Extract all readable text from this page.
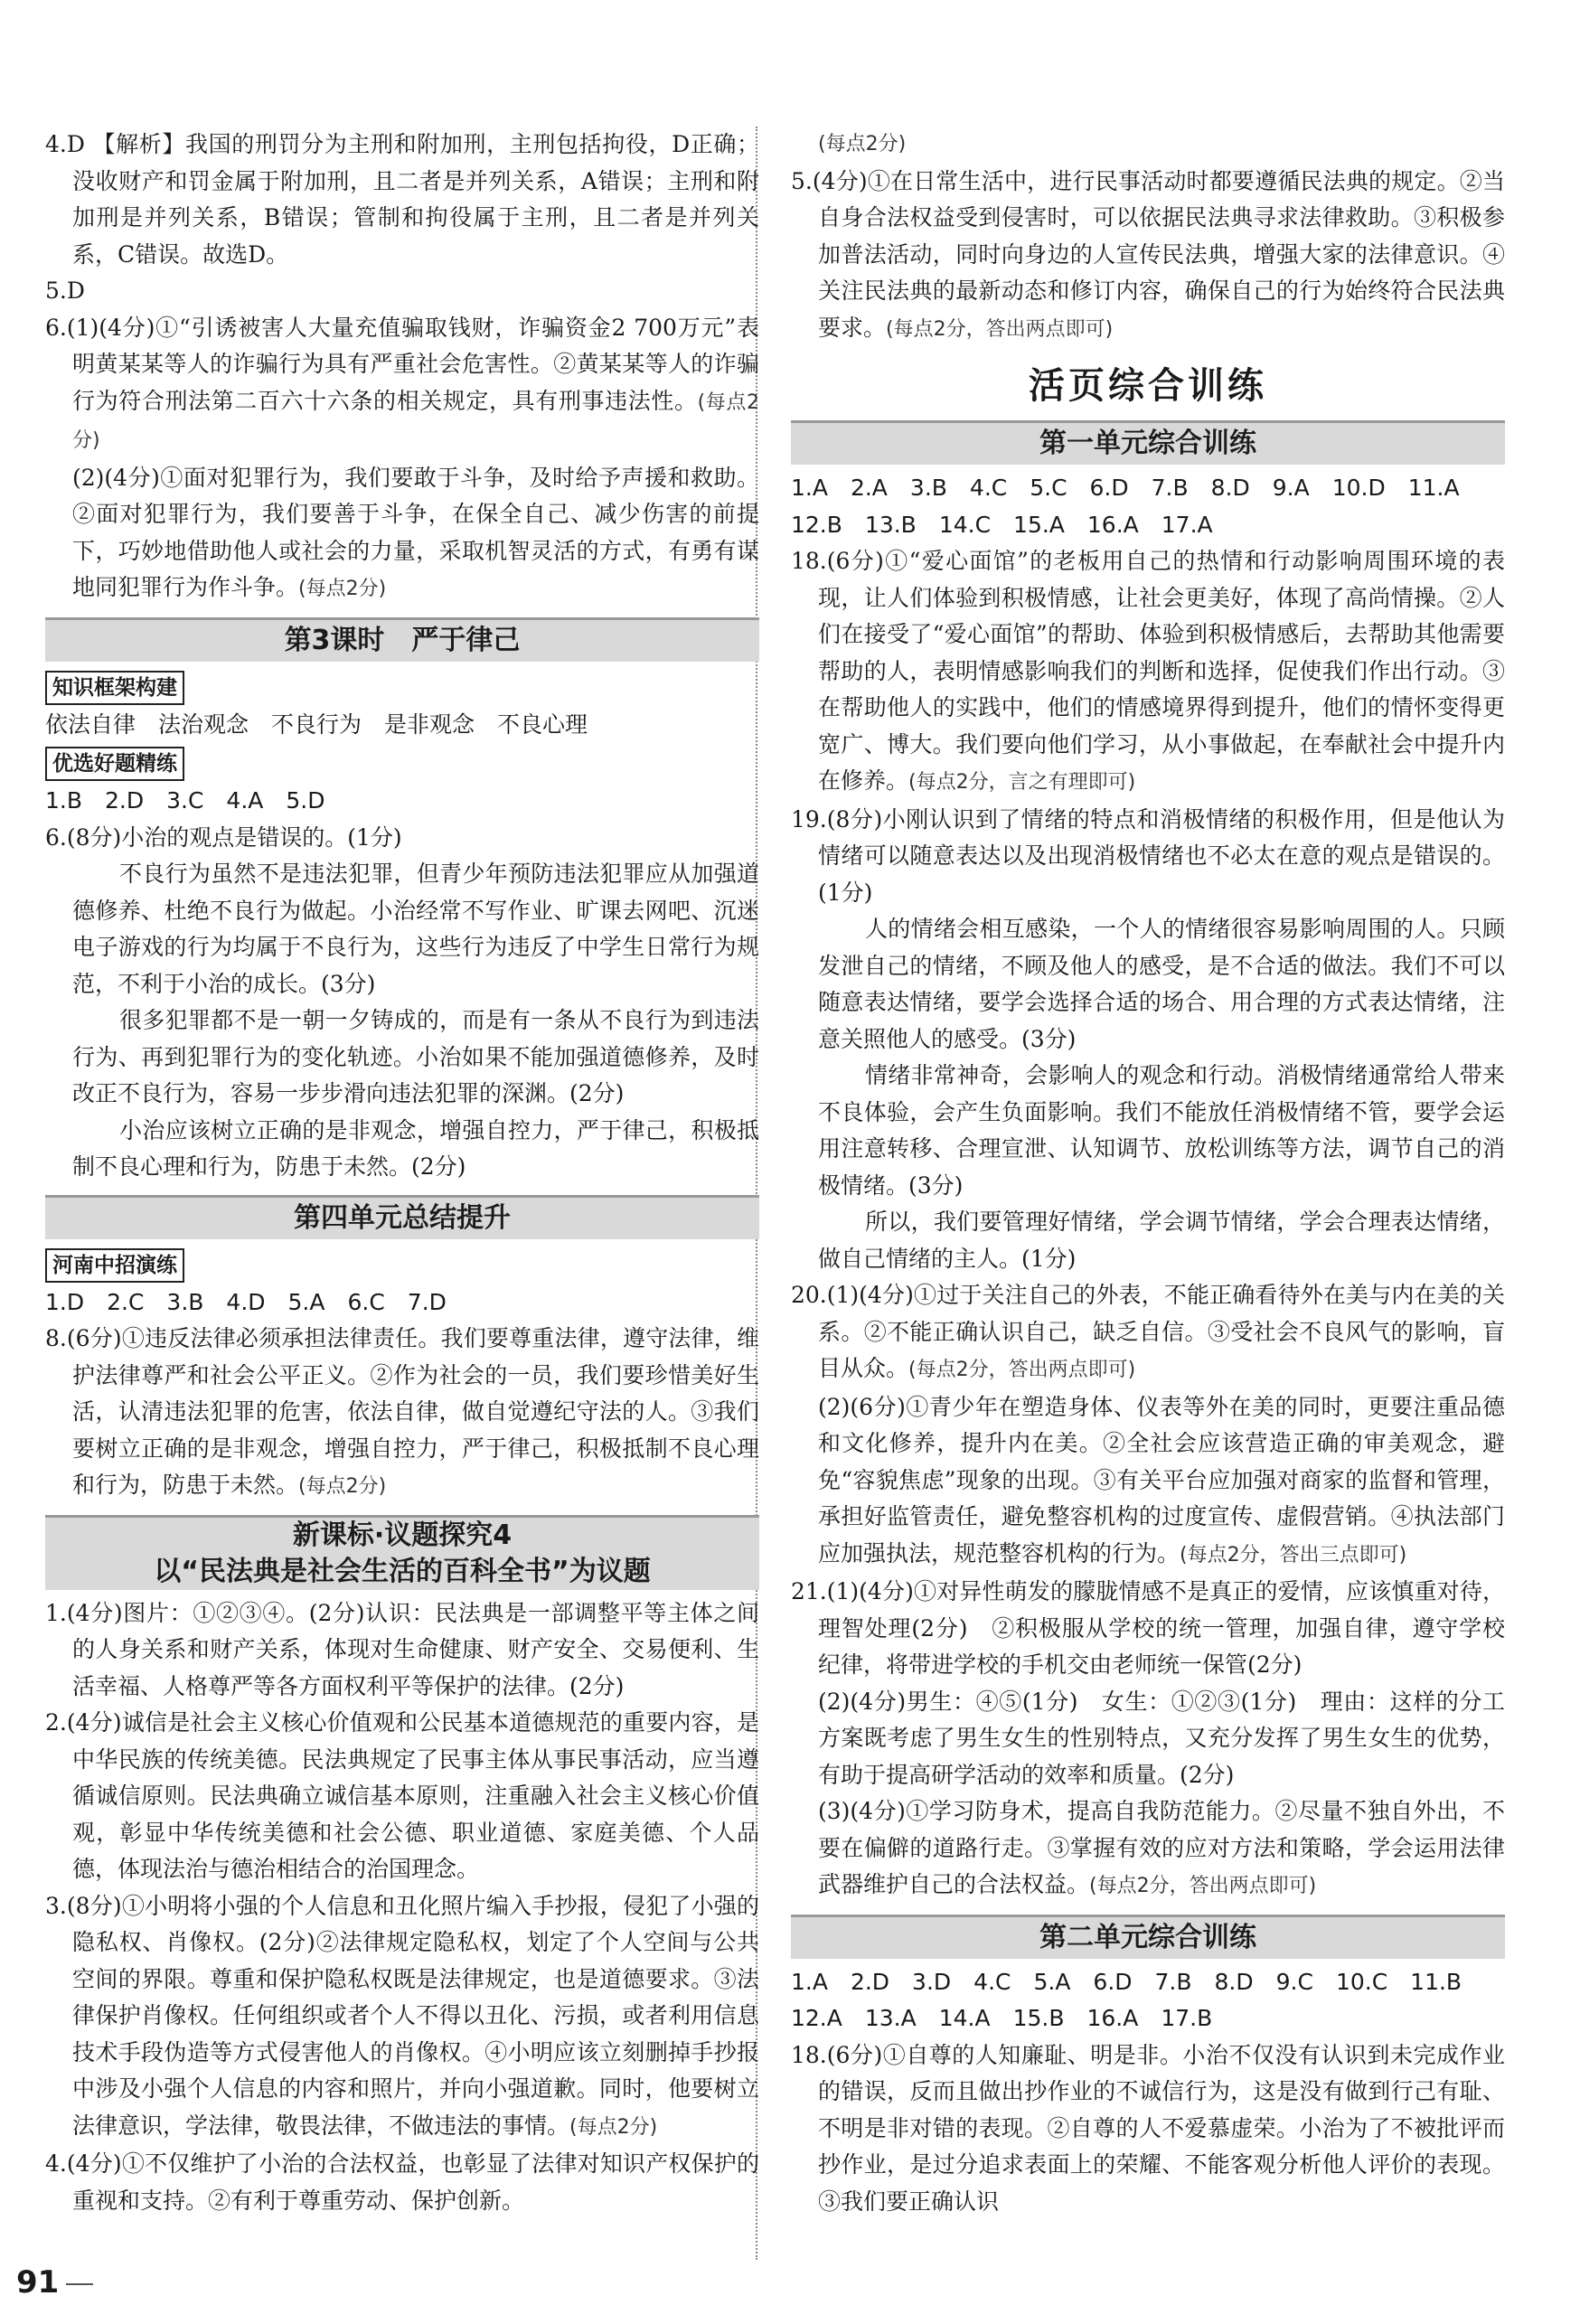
4.D 【解析】我国的刑罚分为主刑和附加刑，主刑包括拘役，D正确；没收财产和罚金属于附加刑，且二者是并列关系，A错误；主刑和附加刑是并列关系，B错误；管制和拘役属于主刑，且二者是并列关系，C错误。故选D。

5.D

6.(1)(4分)①“引诱被害人大量充值骗取钱财，诈骗资金2 700万元”表明黄某某等人的诈骗行为具有严重社会危害性。②黄某某等人的诈骗行为符合刑法第二百六十六条的相关规定，具有刑事违法性。(每点2分)

(2)(4分)①面对犯罪行为，我们要敢于斗争，及时给予声援和救助。②面对犯罪行为，我们要善于斗争，在保全自己、减少伤害的前提下，巧妙地借助他人或社会的力量，采取机智灵活的方式，有勇有谋地同犯罪行为作斗争。(每点2分)

第3课时　严于律己
知识框架构建

依法自律　法治观念　不良行为　是非观念　不良心理

优选好题精练

1.B　2.D　3.C　4.A　5.D

6.(8分)小治的观点是错误的。(1分)

不良行为虽然不是违法犯罪，但青少年预防违法犯罪应从加强道德修养、杜绝不良行为做起。小治经常不写作业、旷课去网吧、沉迷电子游戏的行为均属于不良行为，这些行为违反了中学生日常行为规范，不利于小治的成长。(3分)

很多犯罪都不是一朝一夕铸成的，而是有一条从不良行为到违法行为、再到犯罪行为的变化轨迹。小治如果不能加强道德修养，及时改正不良行为，容易一步步滑向违法犯罪的深渊。(2分)

小治应该树立正确的是非观念，增强自控力，严于律己，积极抵制不良心理和行为，防患于未然。(2分)

第四单元总结提升
河南中招演练

1.D　2.C　3.B　4.D　5.A　6.C　7.D

8.(6分)①违反法律必须承担法律责任。我们要尊重法律，遵守法律，维护法律尊严和社会公平正义。②作为社会的一员，我们要珍惜美好生活，认清违法犯罪的危害，依法自律，做自觉遵纪守法的人。③我们要树立正确的是非观念，增强自控力，严于律己，积极抵制不良心理和行为，防患于未然。(每点2分)

新课标·议题探究4
以“民法典是社会生活的百科全书”为议题

1.(4分)图片：①②③④。(2分)认识：民法典是一部调整平等主体之间的人身关系和财产关系，体现对生命健康、财产安全、交易便利、生活幸福、人格尊严等各方面权利平等保护的法律。(2分)

2.(4分)诚信是社会主义核心价值观和公民基本道德规范的重要内容，是中华民族的传统美德。民法典规定了民事主体从事民事活动，应当遵循诚信原则。民法典确立诚信基本原则，注重融入社会主义核心价值观，彰显中华传统美德和社会公德、职业道德、家庭美德、个人品德，体现法治与德治相结合的治国理念。

3.(8分)①小明将小强的个人信息和丑化照片编入手抄报，侵犯了小强的隐私权、肖像权。(2分)②法律规定隐私权，划定了个人空间与公共空间的界限。尊重和保护隐私权既是法律规定，也是道德要求。③法律保护肖像权。任何组织或者个人不得以丑化、污损，或者利用信息技术手段伪造等方式侵害他人的肖像权。④小明应该立刻删掉手抄报中涉及小强个人信息的内容和照片，并向小强道歉。同时，他要树立法律意识，学法律，敬畏法律，不做违法的事情。(每点2分)

4.(4分)①不仅维护了小治的合法权益，也彰显了法律对知识产权保护的重视和支持。②有利于尊重劳动、保护创新。

(每点2分)

5.(4分)①在日常生活中，进行民事活动时都要遵循民法典的规定。②当自身合法权益受到侵害时，可以依据民法典寻求法律救助。③积极参加普法活动，同时向身边的人宣传民法典，增强大家的法律意识。④关注民法典的最新动态和修订内容，确保自己的行为始终符合民法典要求。(每点2分，答出两点即可)

活页综合训练
第一单元综合训练

1.A　2.A　3.B　4.C　5.C　6.D　7.B　8.D　9.A　10.D　11.A

12.B　13.B　14.C　15.A　16.A　17.A

18.(6分)①“爱心面馆”的老板用自己的热情和行动影响周围环境的表现，让人们体验到积极情感，让社会更美好，体现了高尚情操。②人们在接受了“爱心面馆”的帮助、体验到积极情感后，去帮助其他需要帮助的人，表明情感影响我们的判断和选择，促使我们作出行动。③在帮助他人的实践中，他们的情感境界得到提升，他们的情怀变得更宽广、博大。我们要向他们学习，从小事做起，在奉献社会中提升内在修养。(每点2分，言之有理即可)

19.(8分)小刚认识到了情绪的特点和消极情绪的积极作用，但是他认为情绪可以随意表达以及出现消极情绪也不必太在意的观点是错误的。(1分)

人的情绪会相互感染，一个人的情绪很容易影响周围的人。只顾发泄自己的情绪，不顾及他人的感受，是不合适的做法。我们不可以随意表达情绪，要学会选择合适的场合、用合理的方式表达情绪，注意关照他人的感受。(3分)

情绪非常神奇，会影响人的观念和行动。消极情绪通常给人带来不良体验，会产生负面影响。我们不能放任消极情绪不管，要学会运用注意转移、合理宣泄、认知调节、放松训练等方法，调节自己的消极情绪。(3分)

所以，我们要管理好情绪，学会调节情绪，学会合理表达情绪，做自己情绪的主人。(1分)

20.(1)(4分)①过于关注自己的外表，不能正确看待外在美与内在美的关系。②不能正确认识自己，缺乏自信。③受社会不良风气的影响，盲目从众。(每点2分，答出两点即可)

(2)(6分)①青少年在塑造身体、仪表等外在美的同时，更要注重品德和文化修养，提升内在美。②全社会应该营造正确的审美观念，避免“容貌焦虑”现象的出现。③有关平台应加强对商家的监督和管理，承担好监管责任，避免整容机构的过度宣传、虚假营销。④执法部门应加强执法，规范整容机构的行为。(每点2分，答出三点即可)

21.(1)(4分)①对异性萌发的朦胧情感不是真正的爱情，应该慎重对待，理智处理(2分)　②积极服从学校的统一管理，加强自律，遵守学校纪律，将带进学校的手机交由老师统一保管(2分)

(2)(4分)男生：④⑤(1分)　女生：①②③(1分)　理由：这样的分工方案既考虑了男生女生的性别特点，又充分发挥了男生女生的优势，有助于提高研学活动的效率和质量。(2分)

(3)(4分)①学习防身术，提高自我防范能力。②尽量不独自外出，不要在偏僻的道路行走。③掌握有效的应对方法和策略，学会运用法律武器维护自己的合法权益。(每点2分，答出两点即可)

第二单元综合训练

1.A　2.D　3.D　4.C　5.A　6.D　7.B　8.D　9.C　10.C　11.B

12.A　13.A　14.A　15.B　16.A　17.B

18.(6分)①自尊的人知廉耻、明是非。小治不仅没有认识到未完成作业的错误，反而且做出抄作业的不诚信行为，这是没有做到行己有耻、不明是非对错的表现。②自尊的人不爱慕虚荣。小治为了不被批评而抄作业，是过分追求表面上的荣耀、不能客观分析他人评价的表现。③我们要正确认识

91
